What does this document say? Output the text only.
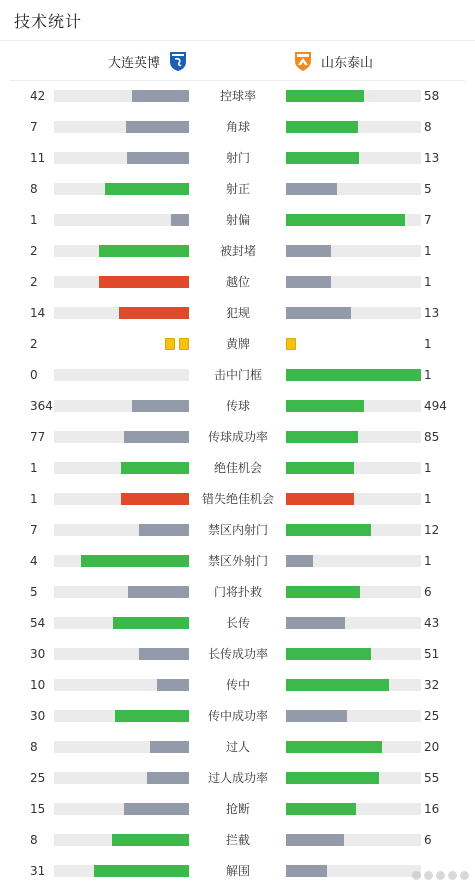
技术统计
大连英博	山东泰山
42	控球率	58
7	角球	8
11	射门	13
8	射正	5
1	射偏	7
2	被封堵	1
2	越位	1
14	犯规	13
2	黄牌	1
0	击中门框	1
364	传球	494
77	传球成功率	85
1	绝佳机会	1
1	错失绝佳机会	1
7	禁区内射门	12
4	禁区外射门	1
5	门将扑救	6
54	长传	43
30	长传成功率	51
10	传中	32
30	传中成功率	25
8	过人	20
25	过人成功率	55
15	抢断	16
8	拦截	6
31	解围
